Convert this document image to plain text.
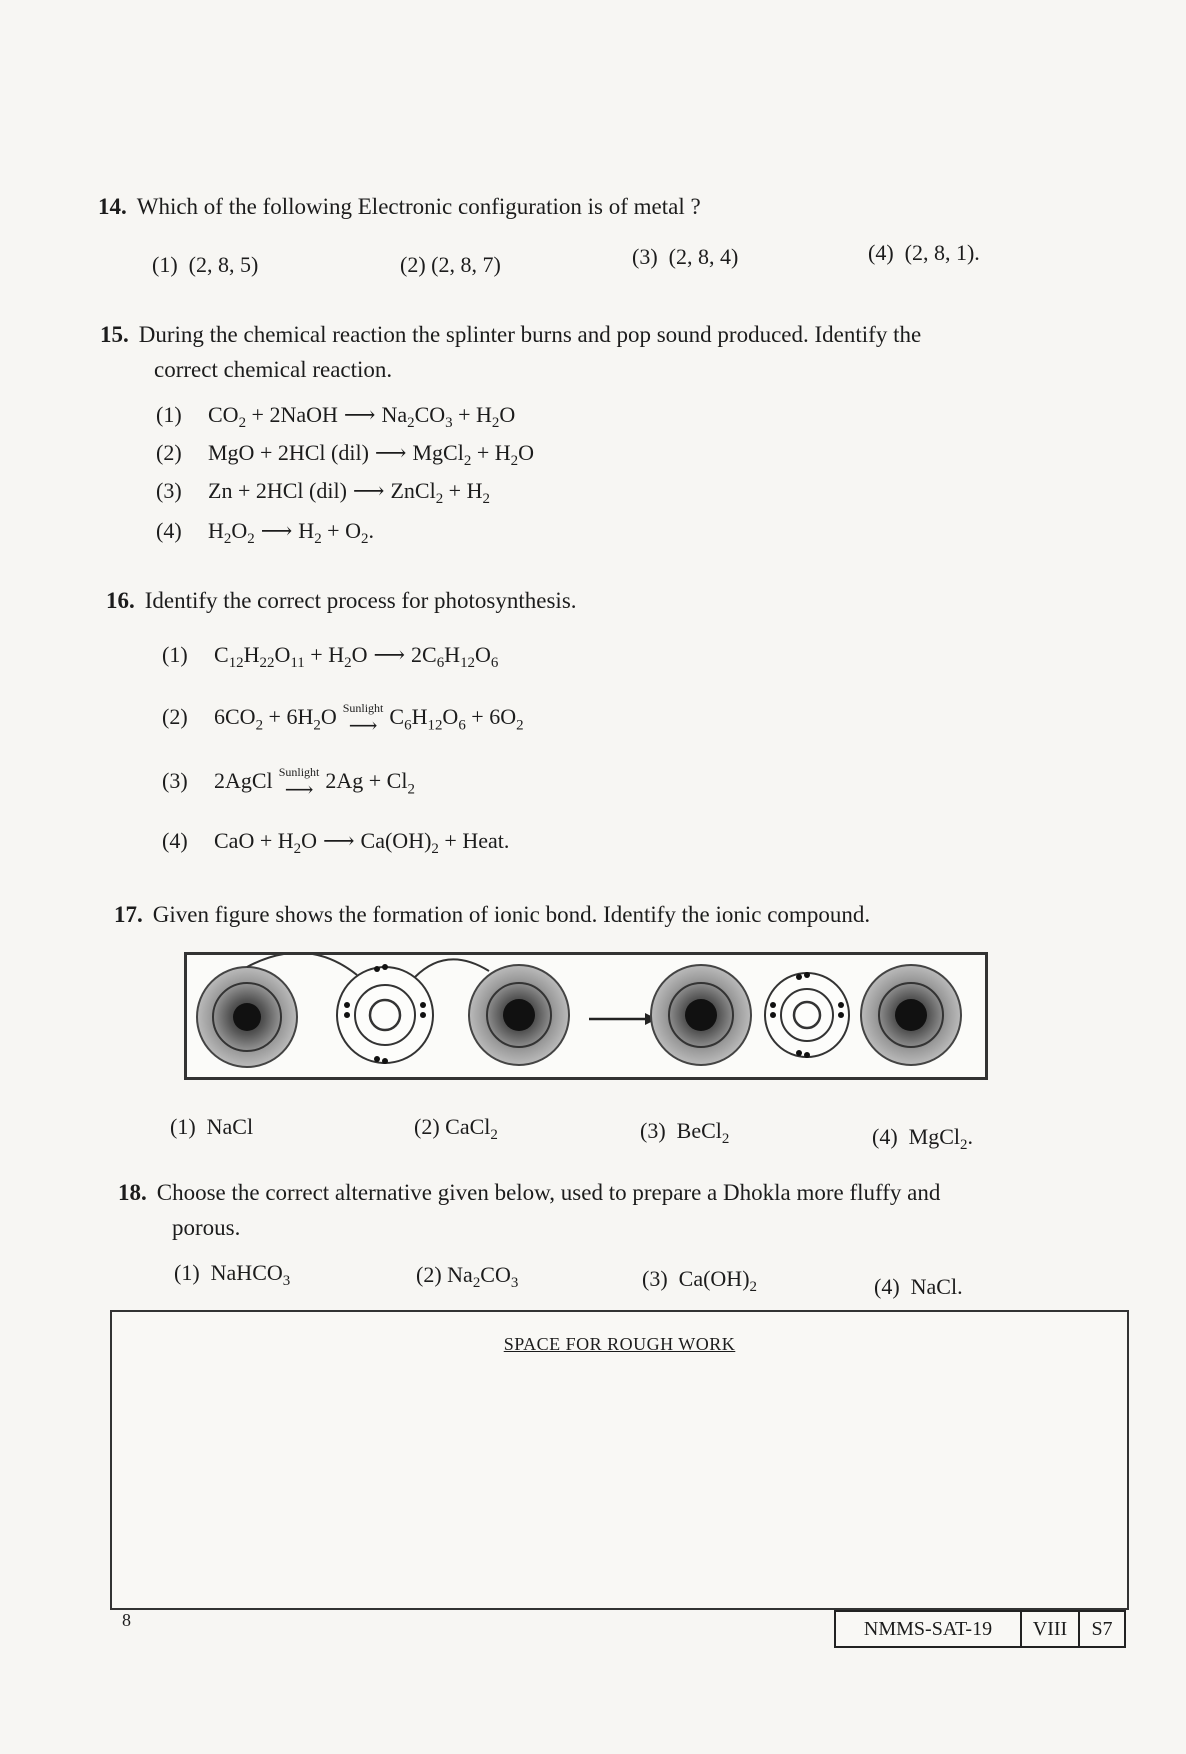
14. Which of the following Electronic configuration is of metal ?
(1) (2, 8, 5)	(2) (2, 8, 7)	(3) (2, 8, 4)	(4) (2, 8, 1).
15. During the chemical reaction the splinter burns and pop sound produced. Identify the
correct chemical reaction.
(1) $CO_2$ + 2NaOH ⟶ $Na_2CO_3 + H_2O$
(2) MgO + 2HCl (dil) ⟶ MgCl$_2$ + $H_2O$
(3) Zn + 2HCl (dil) ⟶ ZnCl$_2$ + $H_2$
(4) $H_2O_2$ ⟶ $H_2 + O_2$.
16. Identify the correct process for photosynthesis.
(1) $C_{12}H_{22}O_{11} + H_2O$ ⟶ $2C_6H_{12}O_6$
(2) $6CO_2 + 6H_2O$ Sunlight
⟶ $C_6H_{12}O_6 + 6O_2$
(3) 2AgCl Sunlight
⟶ $2Ag + Cl_2$
(4) CaO + $H_2O$ ⟶ $Ca(OH)_2$ + Heat.
17. Given figure shows the formation of ionic bond. Identify the ionic compound.
(1) NaCl	(2) CaCl$_2$	(3)  BeCl$_2$	(4)  MgCl$_2$.
18. Choose the correct alternative given below, used to prepare a Dhokla more fluffy and
porous.
(1)  NaHCO$_3$	(2) $Na_2CO_3$	(3)  $Ca(OH)_2$	(4) NaCl.
SPACE FOR ROUGH WORK
8	NMMS-SAT-19	VIII	S7
